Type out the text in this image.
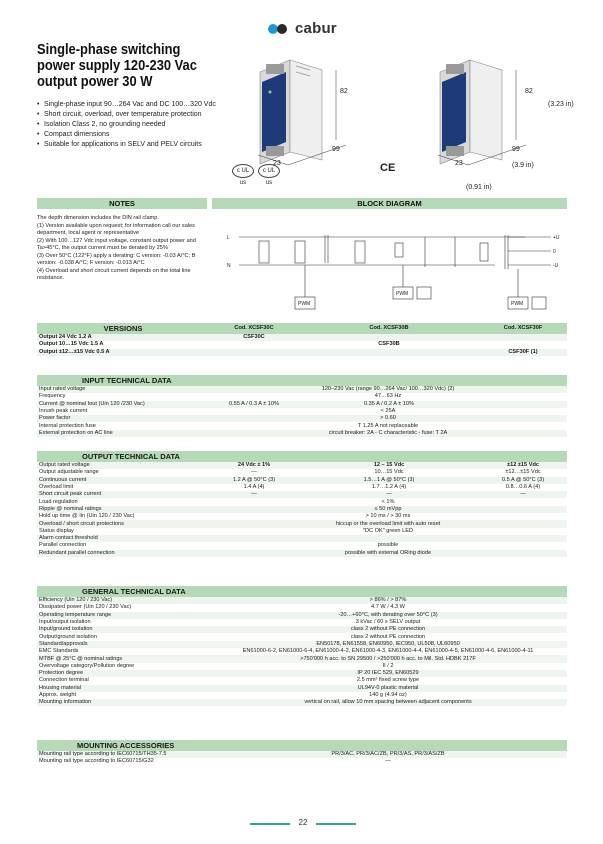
cabur
Single-phase switching power supply 120-230 Vac output power 30 W
• Single-phase input 90…264 Vac and DC 100…320 Vdc
• Short circuit, overload, over temperature protection
• Isolation Class 2, no grounding needed
• Compact dimensions
• Suitable for applications in SELV and PELV circuits
82
99
23
82
(3.23 in)
99
(3.9 in)
23
(0.91 in)
c UL us
c UL us
CE
NOTES

The depth dimension includes the DIN rail clamp.

(1) Version available upon request; for information call our sales department, local agent or representative

(2) With 100…127 Vdc input voltage, constant output power and Ta>45°C, the output current must be derated by 25%

(3) Over 50°C (122°F) apply a derating: C version: -0.03 A/°C; B version: -0.038 A/°C; F version: -0.013 A/°C

(4) Overload and short circuit current depends on the total line resistance.

BLOCK DIAGRAM
L
N
PWM
PWM
PWM
+U
0
-U
VERSIONS	Cod. XCSF30C	Cod. XCSF30B	Cod. XCSF30F
Output 24 Vdc 1.2 A	CSF30C		
Output 10…15 Vdc 1.5 A		CSF30B	
Output ±12…±15 Vdc 0.5 A			CSF30F (1)
INPUT TECHNICAL DATA			
Input rated voltage	120–230 Vac (range 90…264 Vac/ 100…320 Vdc) (2)		
Frequency	47…63 Hz		
Current @ nominal Iout (Uin 120 /230 Vac)	0.55 A / 0.3 A ± 10%	0.35 A / 0.2 A ± 10%	
Inrush peak current	< 25A		
Power factor	> 0.60		
Internal protection fuse	T 1,25 A not replaceable		
External protection on AC line	circuit breaker: 2A - C characteristic - fuse: T 2A		
OUTPUT TECHNICAL DATA			
Output rated voltage	24 Vdc ± 1%	12 – 15 Vdc	±12 ±15 Vdc
Output adjustable range	—	10…15 Vdc	±12…±15 Vdc
Continuous current	1.2 A @ 50°C (3)	1.5…1 A @ 50°C (3)	0.5 A @ 50°C (3)
Overload limit	1.4 A (4)	1.7…1.2 A (4)	0.8…0.6 A (4)
Short circuit peak current	—	—	—
Load regulation	< 1%		
Ripple @ nominal ratings	≤ 50 mVpp		
Hold up time @ Iin (Uin 120 / 230 Vac)	> 10 ms / > 30 ms		
Overload / short circuit protections	hiccup or the overload limit with auto reset		
Status display	"DC OK" green LED		
Alarm contact threshold			
Parallel connection	possible		
Redundant parallel connection	possible with external ORing diode		
GENERAL TECHNICAL DATA	
Efficiency (Uin 120 / 230 Vac)	> 86% / > 87%
Dissipated power (Uin 120 / 230 Vac)	4.7 W / 4.3 W
Operating temperature range	-20…+60°C, with derating over 50°C (3)
Input/output isolation	3 kVac / 60 s SELV output
Input/ground isolation	class 2 without PE connection
Output/ground isolation	class 2 without PE connection
Standard/approvals	EN50178, EN61558, EN60950, IEC950, UL508, UL60950
EMC Standards	EN61000-6-2, EN61000-6-4, EN61000-4-2, EN61000-4-3, EN61000-4-4, EN61000-4-5, EN61000-4-6, EN61000-4-11
MTBF @ 25°C @ nominal ratings	>750'000 h acc. to SN 29500 / >250'000 h acc. to Mil. Std. HDBK 217F
Overvoltage category/Pollution degree	II / 2
Protection degree	IP 20 IEC 529, EN60529
Connection terminal	2.5 mm² fixed screw type
Housing material	UL94V-0 plastic material
Approx. weight	140 g (4.94 oz)
Mounting information	vertical on rail, allow 10 mm spacing between adjacent components
MOUNTING ACCESSORIES	
Mounting rail type according to IEC60715/TH35-7.5	PR/3/AC, PR/3/AC/ZB, PR/3/AS, PR/3/AS/ZB
Mounting rail type according to IEC60715/G32	—
22
